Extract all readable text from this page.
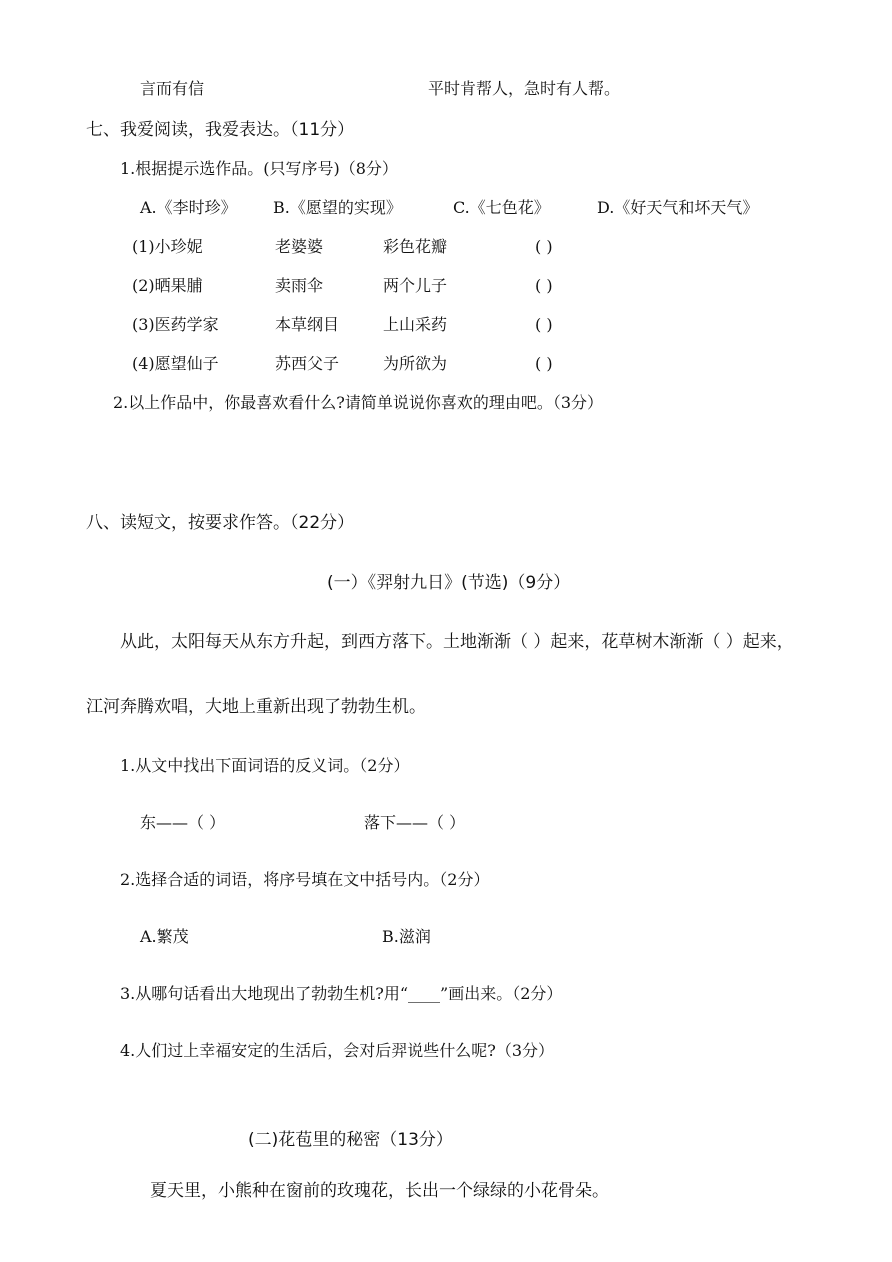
言而有信	平时肯帮人，急时有人帮。
七、我爱阅读，我爱表达。（11分）
1.根据提示选作品。(只写序号)（8分）
A.《李时珍》 B.《愿望的实现》	C.《七色花》	D.《好天气和坏天气》
(1)小珍妮	老婆婆	彩色花瓣	( )
(2)晒果脯	卖雨伞	两个儿子	( )
(3)医药学家	本草纲目	上山采药	( )
(4)愿望仙子	苏西父子	为所欲为	( )
2.以上作品中，你最喜欢看什么?请简单说说你喜欢的理由吧。（3分）
八、读短文，按要求作答。（22分）
(一）《羿射九日》(节选)（9分）
从此，太阳每天从东方升起，到西方落下。土地渐渐（ ）起来，花草树木渐渐（ ）起来，
江河奔腾欢唱，大地上重新出现了勃勃生机。
1.从文中找出下面词语的反义词。（2分）
东——（ ）	落下——（ ）
2.选择合适的词语，将序号填在文中括号内。（2分）
A.繁茂	B.滋润
3.从哪句话看出大地现出了勃勃生机?用“____”画出来。（2分）
4.人们过上幸福安定的生活后，会对后羿说些什么呢?（3分）
(二)花苞里的秘密（13分）
夏天里，小熊种在窗前的玫瑰花，长出一个绿绿的小花骨朵。
